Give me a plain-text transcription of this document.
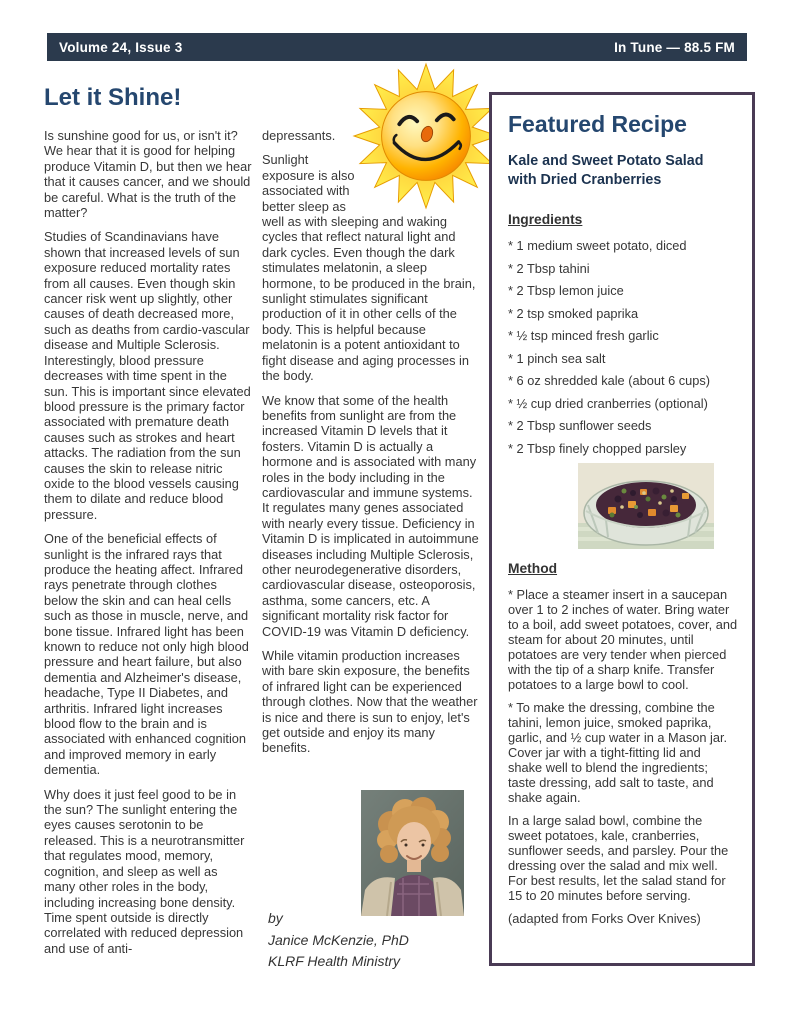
Volume 24, Issue 3	In Tune — 88.5 FM
Let it Shine!

Is sunshine good for us, or isn't it? We hear that it is good for helping produce Vitamin D, but then we hear that it causes cancer, and we should be careful. What is the truth of the matter?

Studies of Scandinavians have shown that increased levels of sun exposure reduced mortality rates from all causes. Even though skin cancer risk went up slightly, other causes of death decreased more, such as deaths from cardio-vascular disease and Multiple Sclerosis. Interestingly, blood pressure decreases with time spent in the sun. This is important since elevated blood pressure is the primary factor associated with premature death causes such as strokes and heart attacks. The radiation from the sun causes the skin to release nitric oxide to the blood vessels causing them to dilate and reduce blood pressure.

One of the beneficial effects of sunlight is the infrared rays that produce the heating affect. Infrared rays penetrate through clothes below the skin and can heal cells such as those in muscle, nerve, and bone tissue. Infrared light has been known to reduce not only high blood pressure and heart failure, but also dementia and Alzheimer's disease, headache, Type II Diabetes, and arthritis. Infrared light increases blood flow to the brain and is associated with enhanced cognition and improved memory in early dementia.

Why does it just feel good to be in the sun? The sunlight entering the eyes causes serotonin to be released. This is a neurotransmitter that regulates mood, memory, cognition, and sleep as well as many other roles in the body, including increasing bone density. Time spent outside is directly correlated with reduced depression and use of anti-

depressants.

Sunlight exposure is also associated with better sleep as well as with sleeping and waking cycles that reflect natural light and dark cycles. Even though the dark stimulates melatonin, a sleep hormone, to be produced in the brain, sunlight stimulates significant production of it in other cells of the body. This is helpful because melatonin is a potent antioxidant to fight disease and aging processes in the body.

We know that some of the health benefits from sunlight are from the increased Vitamin D levels that it fosters. Vitamin D is actually a hormone and is associated with many roles in the body including in the cardiovascular and immune systems. It regulates many genes associated with nearly every tissue. Deficiency in Vitamin D is implicated in autoimmune diseases including Multiple Sclerosis, other neurodegenerative disorders, cardiovascular disease, osteoporosis, asthma, some cancers, etc. A significant mortality risk factor for COVID-19 was Vitamin D deficiency.

While vitamin production increases with bare skin exposure, the benefits of infrared light can be experienced through clothes. Now that the weather is nice and there is sun to enjoy, let's get outside and enjoy its many benefits.

Featured Recipe
Kale and Sweet Potato Salad with Dried Cranberries
Ingredients
* 1 medium sweet potato, diced
* 2 Tbsp tahini
* 2 Tbsp lemon juice
* 2 tsp smoked paprika
* ½ tsp minced fresh garlic
* 1 pinch sea salt
* 6 oz shredded kale (about 6 cups)
* ½ cup dried cranberries (optional)
* 2 Tbsp sunflower seeds
* 2 Tbsp finely chopped parsley
Method

* Place a steamer insert in a saucepan over 1 to 2 inches of water. Bring water to a boil, add sweet potatoes, cover, and steam for about 20 minutes, until potatoes are very tender when pierced with the tip of a sharp knife. Transfer potatoes to a large bowl to cool.

* To make the dressing, combine the tahini, lemon juice, smoked paprika, garlic, and ½ cup water in a Mason jar. Cover jar with a tight-fitting lid and shake well to blend the ingredients; taste dressing, add salt to taste, and shake again.

In a large salad bowl, combine the sweet potatoes, kale, cranberries, sunflower seeds, and parsley. Pour the dressing over the salad and mix well. For best results, let the salad stand for 15 to 20 minutes before serving.

(adapted from Forks Over Knives)

by
Janice McKenzie, PhD
KLRF Health Ministry
